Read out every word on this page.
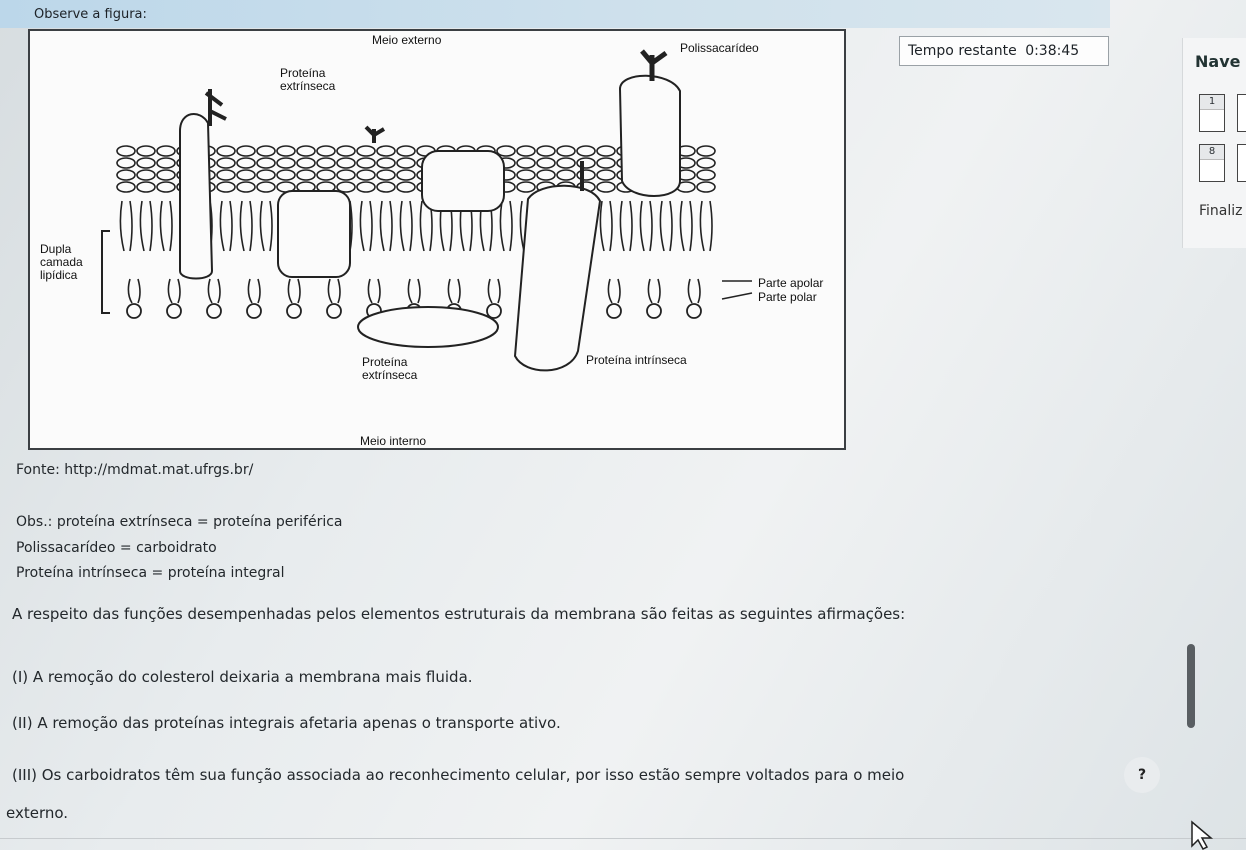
Observe a figura:
Meio externo
Polissacarídeo
Proteína
extrínseca
Dupla
camada
lipídica
Parte apolar
Parte polar
Proteína
extrínseca
Proteína intrínseca
Meio interno
Fonte: http://mdmat.mat.ufrgs.br/
Obs.: proteína extrínseca = proteína periférica
Polissacarídeo = carboidrato
Proteína intrínseca = proteína integral
A respeito das funções desempenhadas pelos elementos estruturais da membrana são feitas as seguintes afirmações:
(I) A remoção do colesterol deixaria a membrana mais fluida.
(II) A remoção das proteínas integrais afetaria apenas o transporte ativo.
(III) Os carboidratos têm sua função associada ao reconhecimento celular, por isso estão sempre voltados para o meio
externo.
Tempo restante 0:38:45
Nave
1
8
Finaliz
?
